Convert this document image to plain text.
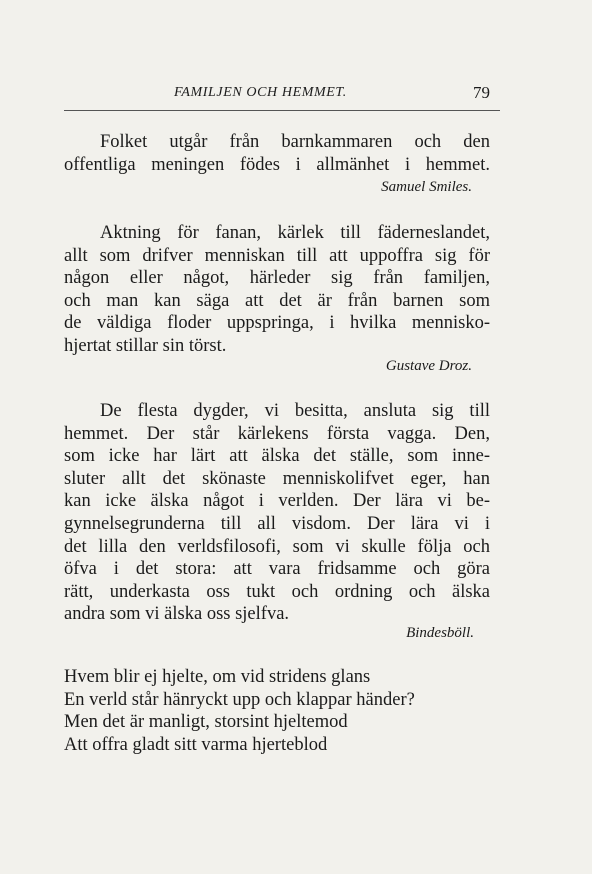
FAMILJEN OCH HEMMET.	79
Folket utgår från barnkammaren och den
offentliga meningen födes i allmänhet i hemmet.
Samuel Smiles.
Aktning för fanan, kärlek till fäderneslandet,
allt som drifver menniskan till att uppoffra sig för
någon eller något, härleder sig från familjen,
och man kan säga att det är från barnen som
de väldiga floder uppspringa, i hvilka mennisko-
hjertat stillar sin törst.
Gustave Droz.
De flesta dygder, vi besitta, ansluta sig till
hemmet. Der står kärlekens första vagga. Den,
som icke har lärt att älska det ställe, som inne-
sluter allt det skönaste menniskolifvet eger, han
kan icke älska något i verlden. Der lära vi be-
gynnelsegrunderna till all visdom. Der lära vi i
det lilla den verldsfilosofi, som vi skulle följa och
öfva i det stora: att vara fridsamme och göra
rätt, underkasta oss tukt och ordning och älska
andra som vi älska oss sjelfva.
Bindesböll.
Hvem blir ej hjelte, om vid stridens glans
En verld står hänryckt upp och klappar händer?
Men det är manligt, storsint hjeltemod
Att offra gladt sitt varma hjerteblod
